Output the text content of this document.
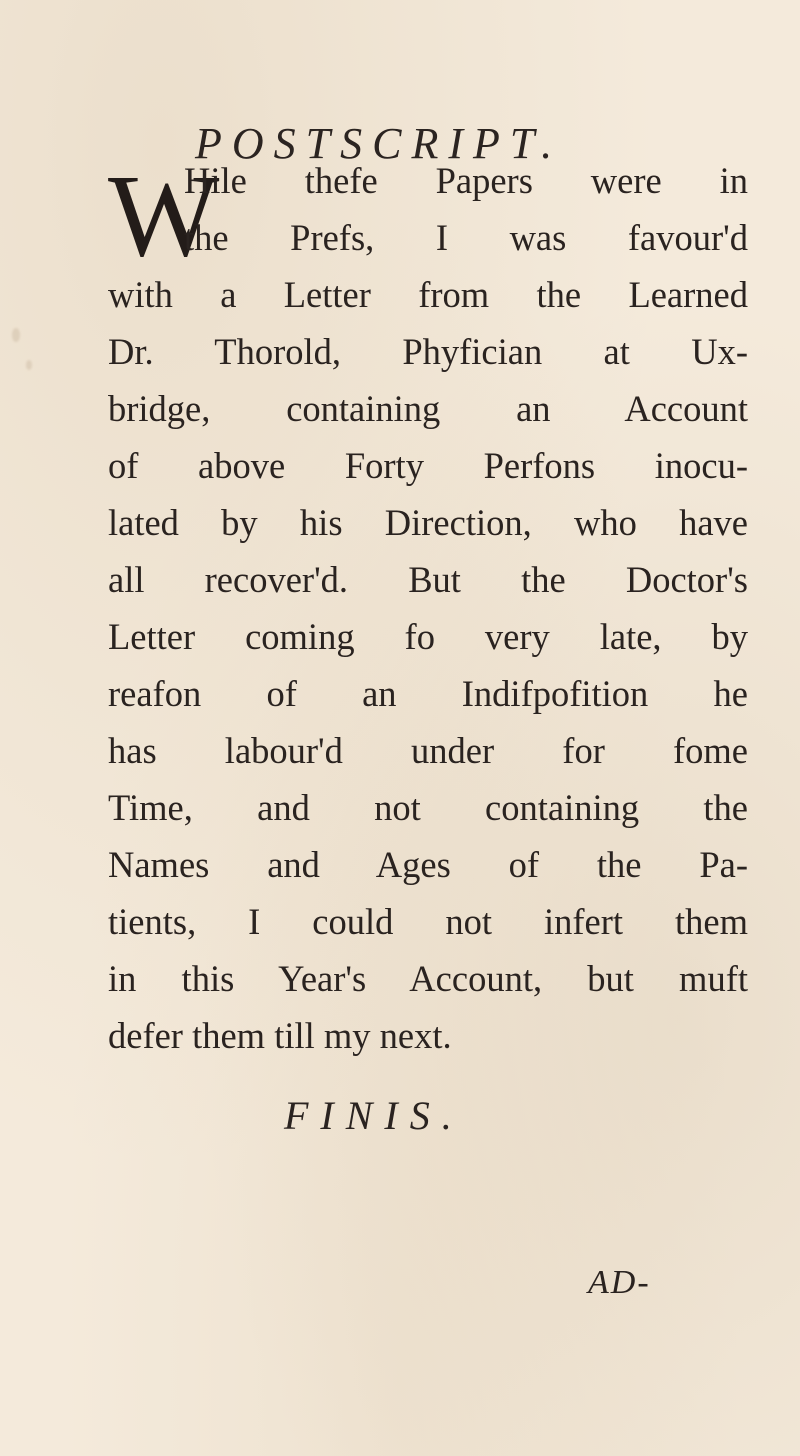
POSTSCRIPT.
W
Hile thefe Papers were in
the Prefs, I was favour'd
with a Letter from the Learned
Dr. Thorold, Phyfician at Ux-
bridge, containing an Account
of above Forty Perfons inocu-
lated by his Direction, who have
all recover'd. But the Doctor's
Letter coming fo very late, by
reafon of an Indifpofition he
has labour'd under for fome
Time, and not containing the
Names and Ages of the Pa-
tients, I could not infert them
in this Year's Account, but muft
defer them till my next.
FINIS.
AD-
